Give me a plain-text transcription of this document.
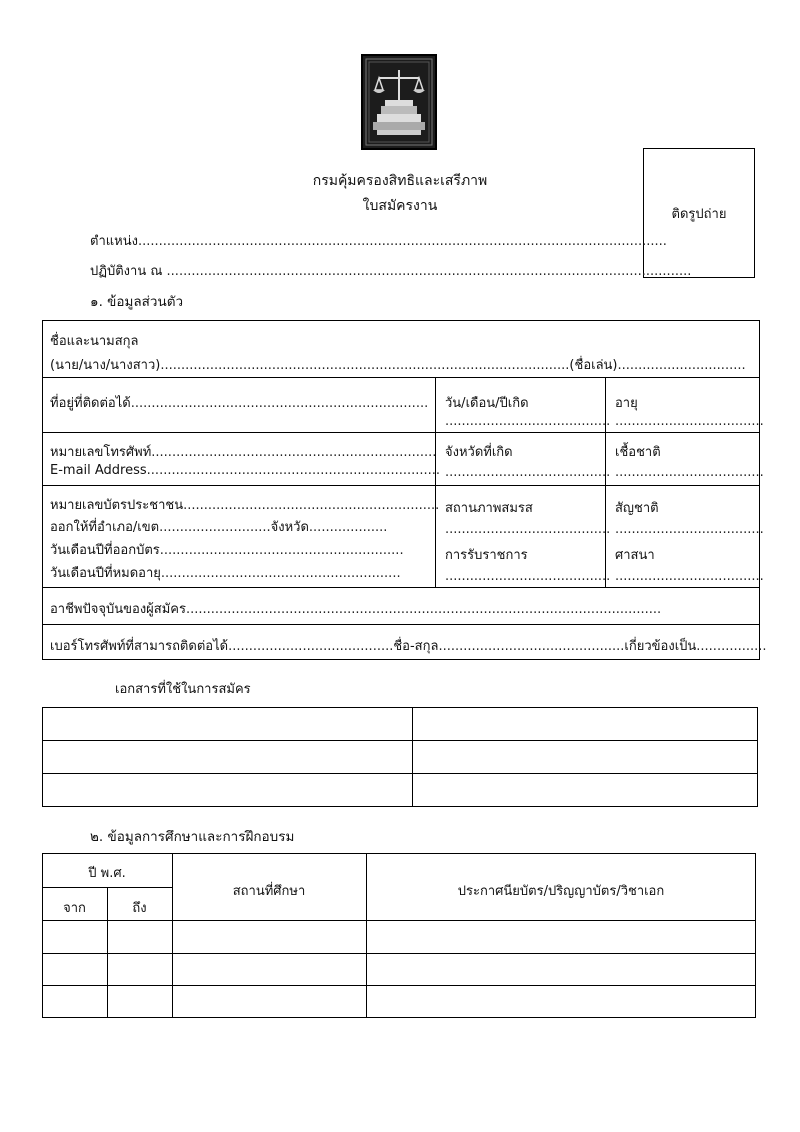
ติดรูปถ่าย
กรมคุ้มครองสิทธิและเสรีภาพ
ใบสมัครงาน
ตำแหน่ง................................................................................................................................
ปฏิบัติงาน ณ ...............................................................................................................................
๑. ข้อมูลส่วนตัว
ชื่อและนามสกุล
(นาย/นาง/นางสาว)...................................................................................................(ชื่อเล่น)...............................
ที่อยู่ที่ติดต่อได้........................................................................ วัน/เดือน/ปีเกิด
........................................
อายุ
....................................
หมายเลขโทรศัพท์.....................................................................
E-mail Address.......................................................................
จังหวัดที่เกิด
........................................
เชื้อชาติ
....................................
หมายเลขบัตรประชาชน..............................................................
ออกให้ที่อำเภอ/เขต...........................จังหวัด...................
วันเดือนปีที่ออกบัตร...........................................................
วันเดือนปีที่หมดอายุ..........................................................
สถานภาพสมรส
........................................
การรับราชการ
........................................
สัญชาติ
....................................
ศาสนา
....................................
อาชีพปัจจุบันของผู้สมัคร...................................................................................................................
เบอร์โทรศัพท์ที่สามารถติดต่อได้........................................ชื่อ-สกุล.............................................เกี่ยวข้องเป็น.................
เอกสารที่ใช้ในการสมัคร
๒. ข้อมูลการศึกษาและการฝึกอบรม
ปี พ.ศ.
จาก	ถึง
สถานที่ศึกษา	ประกาศนียบัตร/ปริญญาบัตร/วิชาเอก
